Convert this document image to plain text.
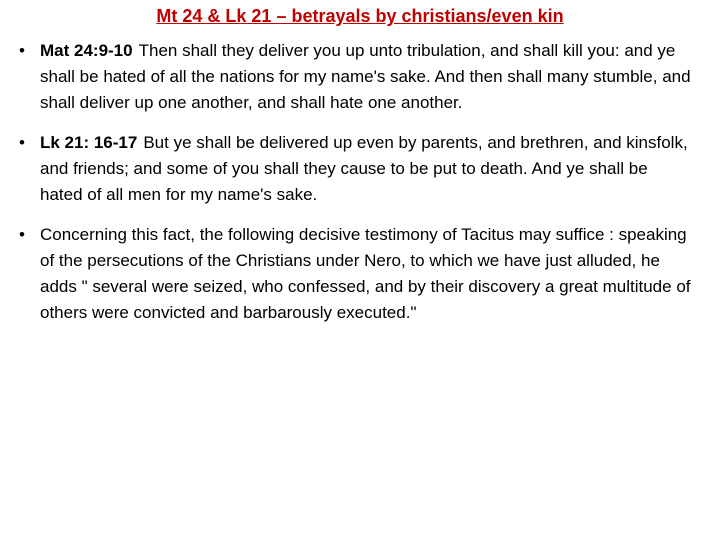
Mt 24 & Lk 21 – betrayals by christians/even kin
• Mat 24:9-10 Then shall they deliver you up unto tribulation, and shall kill you: and ye shall be hated of all the nations for my name's sake. And then shall many stumble, and shall deliver up one another, and shall hate one another.
• Lk 21: 16-17 But ye shall be delivered up even by parents, and brethren, and kinsfolk, and friends; and some of you shall they cause to be put to death. And ye shall be hated of all men for my name's sake.
• Concerning this fact, the following decisive testimony of Tacitus may suffice : speaking of the persecutions of the Christians under Nero, to which we have just alluded, he adds " several were seized, who confessed, and by their discovery a great multitude of others were convicted and barbarously executed."
